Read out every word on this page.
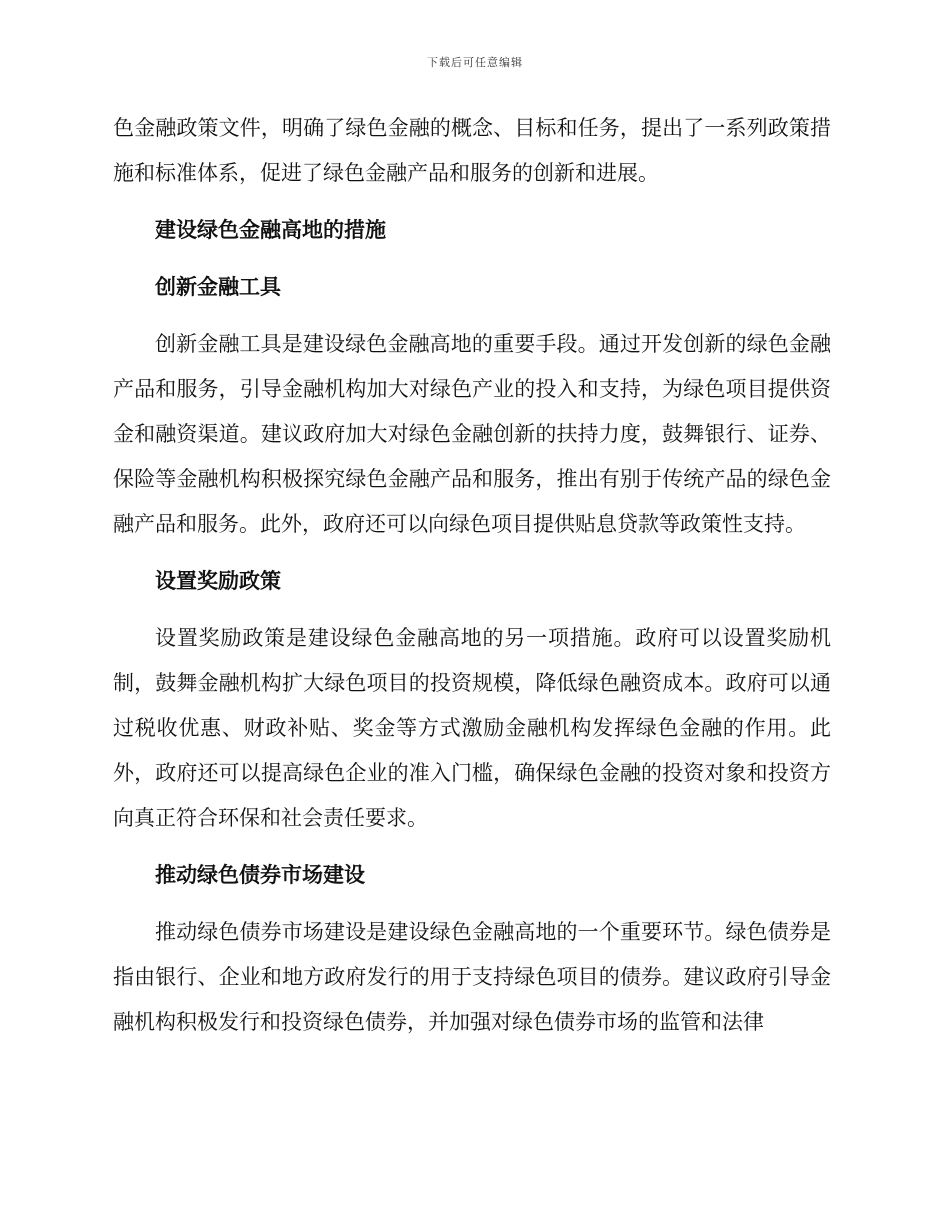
下载后可任意编辑

色金融政策文件，明确了绿色金融的概念、目标和任务，提出了一系列政策措施和标准体系，促进了绿色金融产品和服务的创新和进展。

建设绿色金融高地的措施
创新金融工具

创新金融工具是建设绿色金融高地的重要手段。通过开发创新的绿色金融产品和服务，引导金融机构加大对绿色产业的投入和支持，为绿色项目提供资金和融资渠道。建议政府加大对绿色金融创新的扶持力度，鼓舞银行、证券、保险等金融机构积极探究绿色金融产品和服务，推出有别于传统产品的绿色金融产品和服务。此外，政府还可以向绿色项目提供贴息贷款等政策性支持。

设置奖励政策

设置奖励政策是建设绿色金融高地的另一项措施。政府可以设置奖励机制，鼓舞金融机构扩大绿色项目的投资规模，降低绿色融资成本。政府可以通过税收优惠、财政补贴、奖金等方式激励金融机构发挥绿色金融的作用。此外，政府还可以提高绿色企业的准入门槛，确保绿色金融的投资对象和投资方向真正符合环保和社会责任要求。

推动绿色债券市场建设

推动绿色债券市场建设是建设绿色金融高地的一个重要环节。绿色债券是指由银行、企业和地方政府发行的用于支持绿色项目的债券。建议政府引导金融机构积极发行和投资绿色债券，并加强对绿色债券市场的监管和法律
